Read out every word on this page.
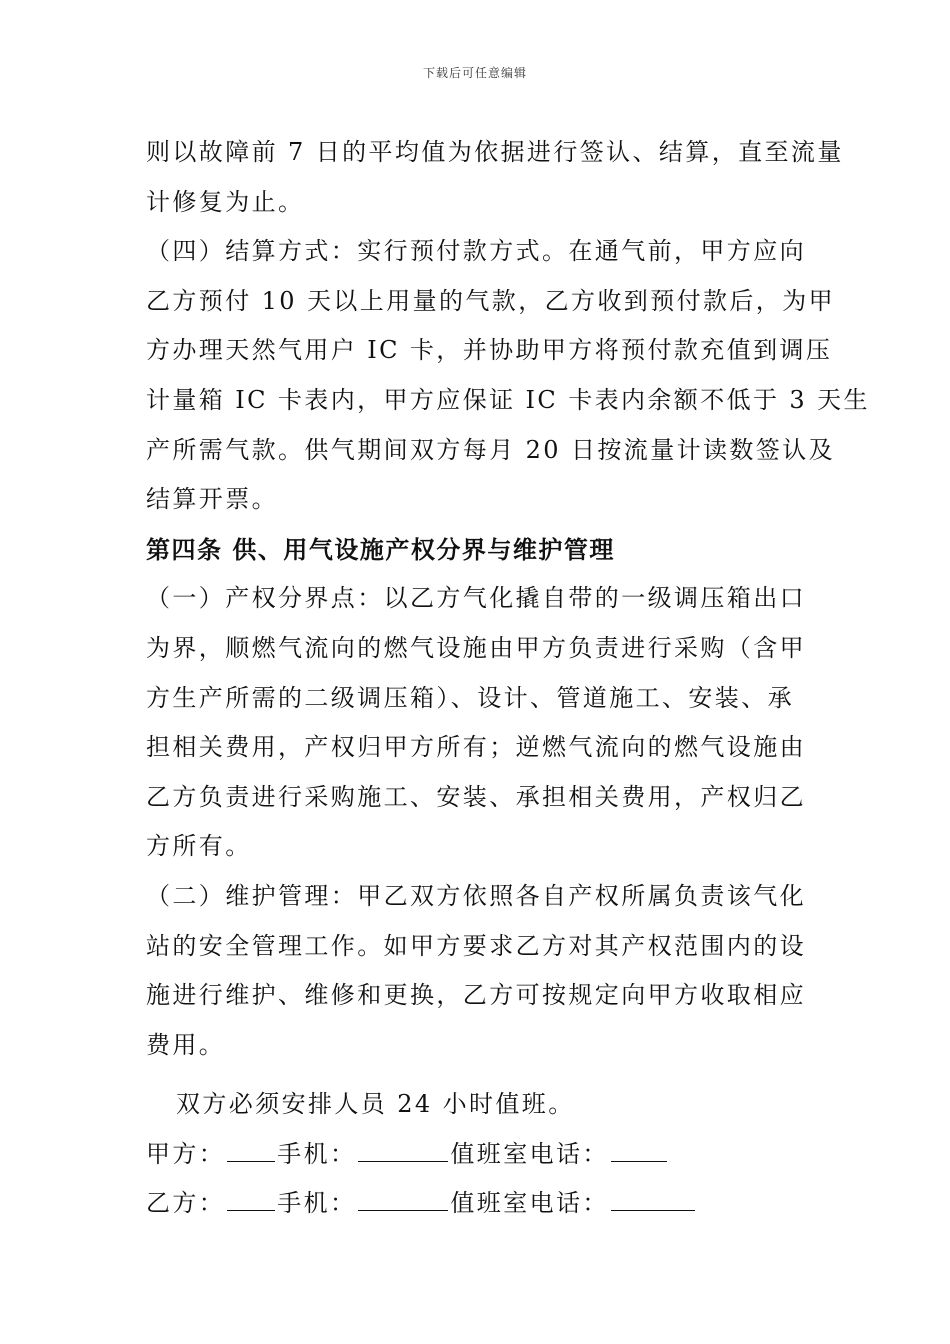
下载后可任意编辑
则以故障前 7 日的平均值为依据进行签认、结算，直至流量
计修复为止。
（四）结算方式：实行预付款方式。在通气前，甲方应向
乙方预付 10 天以上用量的气款，乙方收到预付款后，为甲
方办理天然气用户 IC 卡，并协助甲方将预付款充值到调压
计量箱 IC 卡表内，甲方应保证 IC 卡表内余额不低于 3 天生
产所需气款。供气期间双方每月 20 日按流量计读数签认及
结算开票。
第四条 供、用气设施产权分界与维护管理
（一）产权分界点：以乙方气化撬自带的一级调压箱出口
为界，顺燃气流向的燃气设施由甲方负责进行采购（含甲
方生产所需的二级调压箱）、设计、管道施工、安装、承
担相关费用，产权归甲方所有；逆燃气流向的燃气设施由
乙方负责进行采购施工、安装、承担相关费用，产权归乙
方所有。
（二）维护管理：甲乙双方依照各自产权所属负责该气化
站的安全管理工作。如甲方要求乙方对其产权范围内的设
施进行维护、维修和更换，乙方可按规定向甲方收取相应
费用。
双方必须安排人员 24 小时值班。
甲方： 手机：	值班室电话：
乙方： 手机：	值班室电话：
